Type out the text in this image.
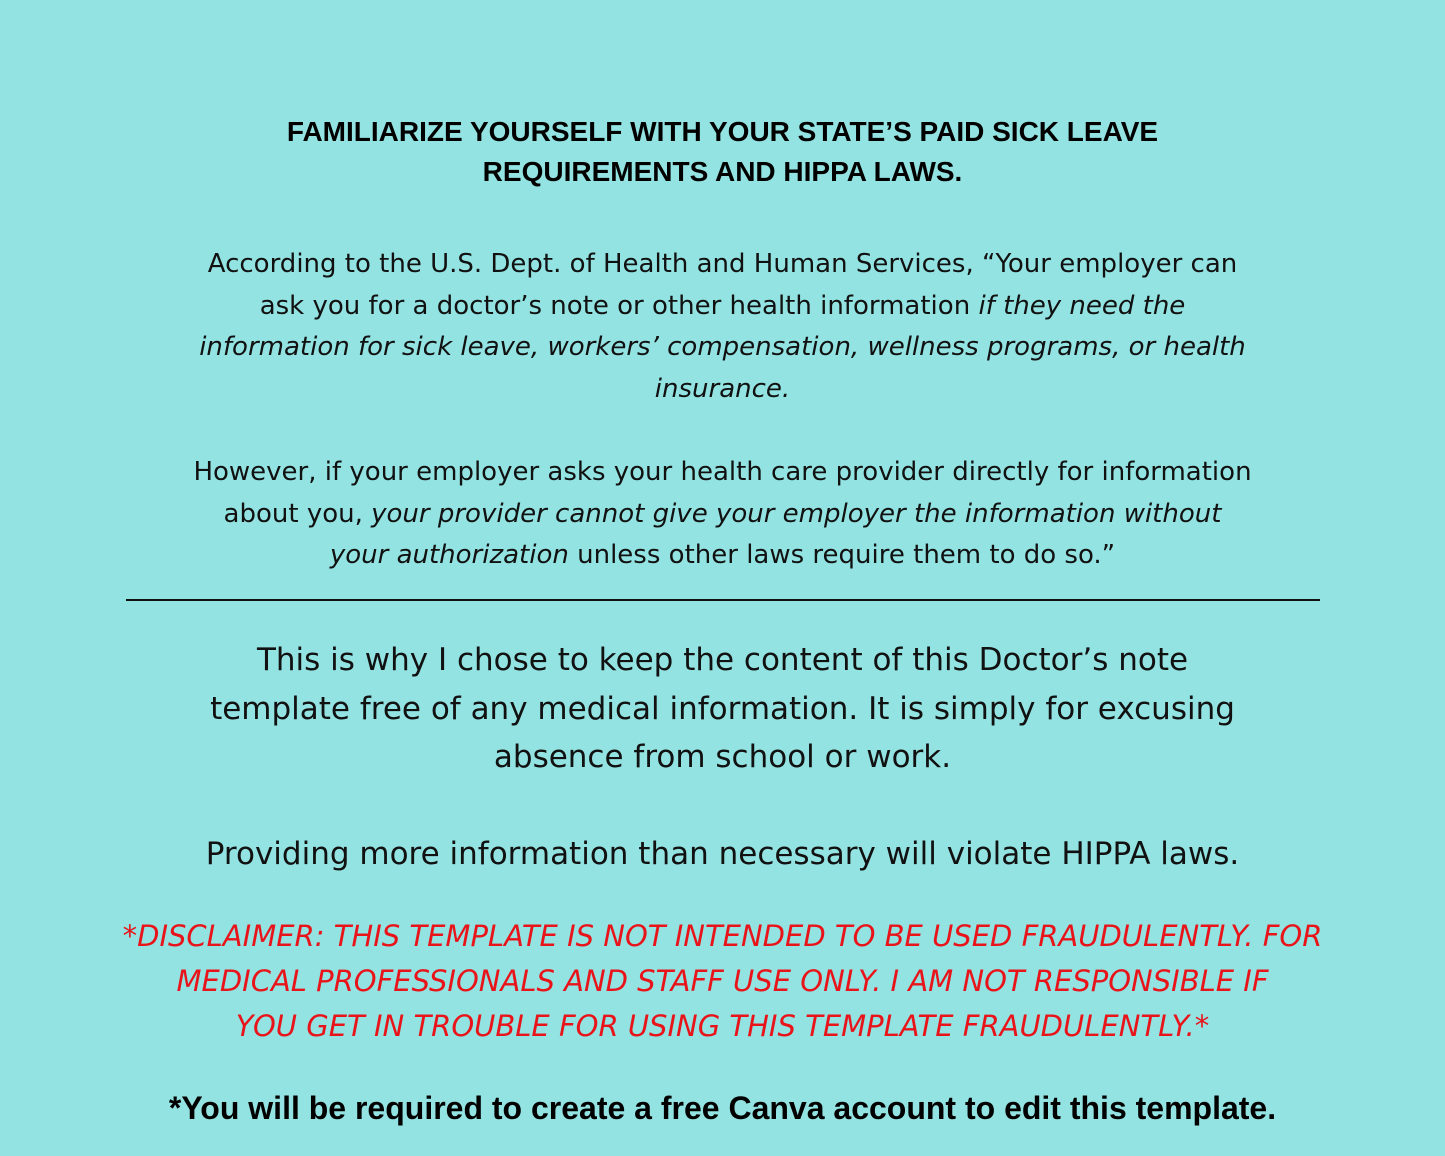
FAMILIARIZE YOURSELF WITH YOUR STATE’S PAID SICK LEAVE
REQUIREMENTS AND HIPPA LAWS.
According to the U.S. Dept. of Health and Human Services, “Your employer can
ask you for a doctor’s note or other health information if they need the
information for sick leave, workers’ compensation, wellness programs, or health
insurance.
However, if your employer asks your health care provider directly for information
about you, your provider cannot give your employer the information without
your authorization unless other laws require them to do so.”
This is why I chose to keep the content of this Doctor’s note
template free of any medical information. It is simply for excusing
absence from school or work.
Providing more information than necessary will violate HIPPA laws.
*DISCLAIMER: THIS TEMPLATE IS NOT INTENDED TO BE USED FRAUDULENTLY. FOR
MEDICAL PROFESSIONALS AND STAFF USE ONLY. I AM NOT RESPONSIBLE IF
YOU GET IN TROUBLE FOR USING THIS TEMPLATE FRAUDULENTLY.*
*You will be required to create a free Canva account to edit this template.
